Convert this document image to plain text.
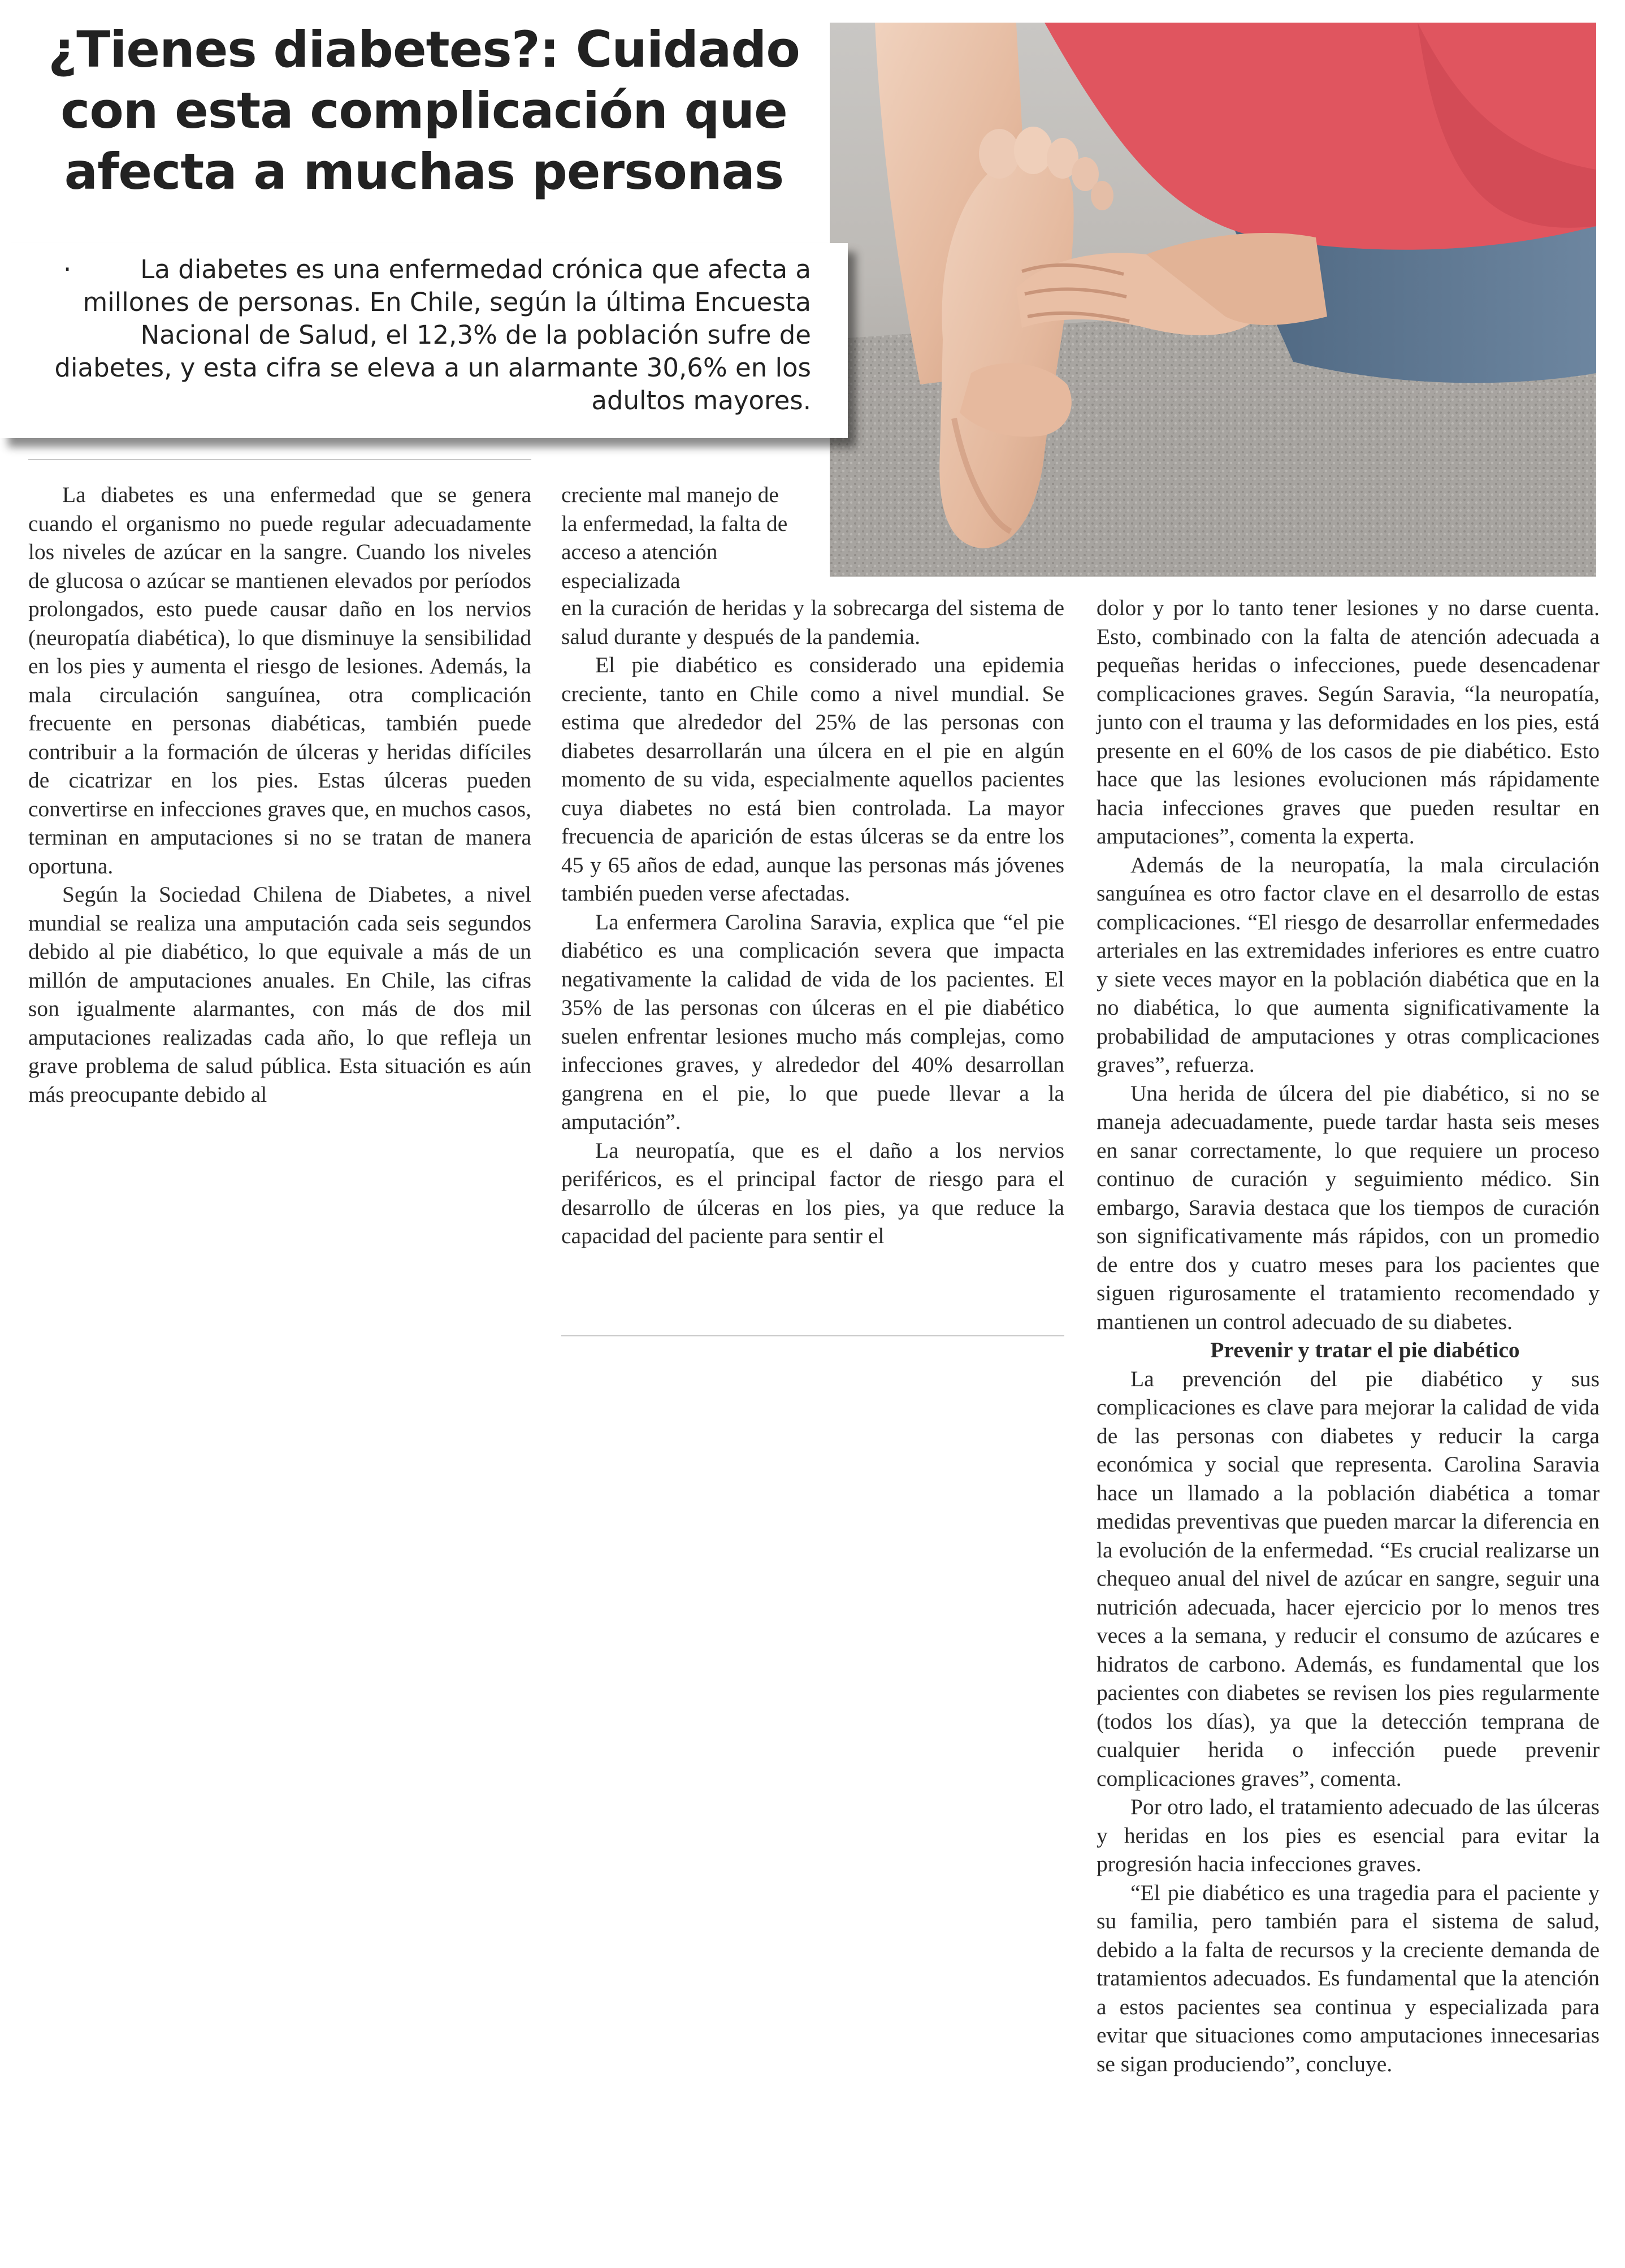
¿Tienes diabetes?: Cuidado con esta complicación que afecta a muchas personas
·	La diabetes es una enfermedad crónica que afecta a millones de personas. En Chile, según la última Encuesta Nacional de Salud, el 12,3% de la población sufre de diabetes, y esta cifra se eleva a un alarmante 30,6% en los adultos mayores.

La diabetes es una enfermedad que se genera cuando el organismo no puede regular adecuadamente los niveles de azúcar en la sangre. Cuando los niveles de glucosa o azúcar se mantienen elevados por períodos prolongados, esto puede causar daño en los nervios (neuropatía diabética), lo que disminuye la sensibilidad en los pies y aumenta el riesgo de lesiones. Además, la mala circulación sanguínea, otra complicación frecuente en personas diabéticas, también puede contribuir a la formación de úlceras y heridas difíciles de cicatrizar en los pies. Estas úlceras pueden convertirse en infecciones graves que, en muchos casos, terminan en amputaciones si no se tratan de manera oportuna.

Según la Sociedad Chilena de Diabetes, a nivel mundial se realiza una amputación cada seis segundos debido al pie diabético, lo que equivale a más de un millón de amputaciones anuales. En Chile, las cifras son igualmente alarmantes, con más de dos mil amputaciones realizadas cada año, lo que refleja un grave problema de salud pública. Esta situación es aún más preocupante debido al

creciente mal manejo de la enfermedad, la falta de acceso a atención especializada

en la curación de heridas y la sobrecarga del sistema de salud durante y después de la pandemia.

El pie diabético es considerado una epidemia creciente, tanto en Chile como a nivel mundial. Se estima que alrededor del 25% de las personas con diabetes desarrollarán una úlcera en el pie en algún momento de su vida, especialmente aquellos pacientes cuya diabetes no está bien controlada. La mayor frecuencia de aparición de estas úlceras se da entre los 45 y 65 años de edad, aunque las personas más jóvenes también pueden verse afectadas.

La enfermera Carolina Saravia, explica que “el pie diabético es una complicación severa que impacta negativamente la calidad de vida de los pacientes. El 35% de las personas con úlceras en el pie diabético suelen enfrentar lesiones mucho más complejas, como infecciones graves, y alrededor del 40% desarrollan gangrena en el pie, lo que puede llevar a la amputación”.

La neuropatía, que es el daño a los nervios periféricos, es el principal factor de riesgo para el desarrollo de úlceras en los pies, ya que reduce la capacidad del paciente para sentir el

dolor y por lo tanto tener lesiones y no darse cuenta. Esto, combinado con la falta de atención adecuada a pequeñas heridas o infecciones, puede desencadenar complicaciones graves. Según Saravia, “la neuropatía, junto con el trauma y las deformidades en los pies, está presente en el 60% de los casos de pie diabético. Esto hace que las lesiones evolucionen más rápidamente hacia infecciones graves que pueden resultar en amputaciones”, comenta la experta.

Además de la neuropatía, la mala circulación sanguínea es otro factor clave en el desarrollo de estas complicaciones. “El riesgo de desarrollar enfermedades arteriales en las extremidades inferiores es entre cuatro y siete veces mayor en la población diabética que en la no diabética, lo que aumenta significativamente la probabilidad de amputaciones y otras complicaciones graves”, refuerza.

Una herida de úlcera del pie diabético, si no se maneja adecuadamente, puede tardar hasta seis meses en sanar correctamente, lo que requiere un proceso continuo de curación y seguimiento médico. Sin embargo, Saravia destaca que los tiempos de curación son significativamente más rápidos, con un promedio de entre dos y cuatro meses para los pacientes que siguen rigurosamente el tratamiento recomendado y mantienen un control adecuado de su diabetes.

Prevenir y tratar el pie diabético

La prevención del pie diabético y sus complicaciones es clave para mejorar la calidad de vida de las personas con diabetes y reducir la carga económica y social que representa. Carolina Saravia hace un llamado a la población diabética a tomar medidas preventivas que pueden marcar la diferencia en la evolución de la enfermedad. “Es crucial realizarse un chequeo anual del nivel de azúcar en sangre, seguir una nutrición adecuada, hacer ejercicio por lo menos tres veces a la semana, y reducir el consumo de azúcares e hidratos de carbono. Además, es fundamental que los pacientes con diabetes se revisen los pies regularmente (todos los días), ya que la detección temprana de cualquier herida o infección puede prevenir complicaciones graves”, comenta.

Por otro lado, el tratamiento adecuado de las úlceras y heridas en los pies es esencial para evitar la progresión hacia infecciones graves.

“El pie diabético es una tragedia para el paciente y su familia, pero también para el sistema de salud, debido a la falta de recursos y la creciente demanda de tratamientos adecuados. Es fundamental que la atención a estos pacientes sea continua y especializada para evitar que situaciones como amputaciones innecesarias se sigan produciendo”, concluye.
